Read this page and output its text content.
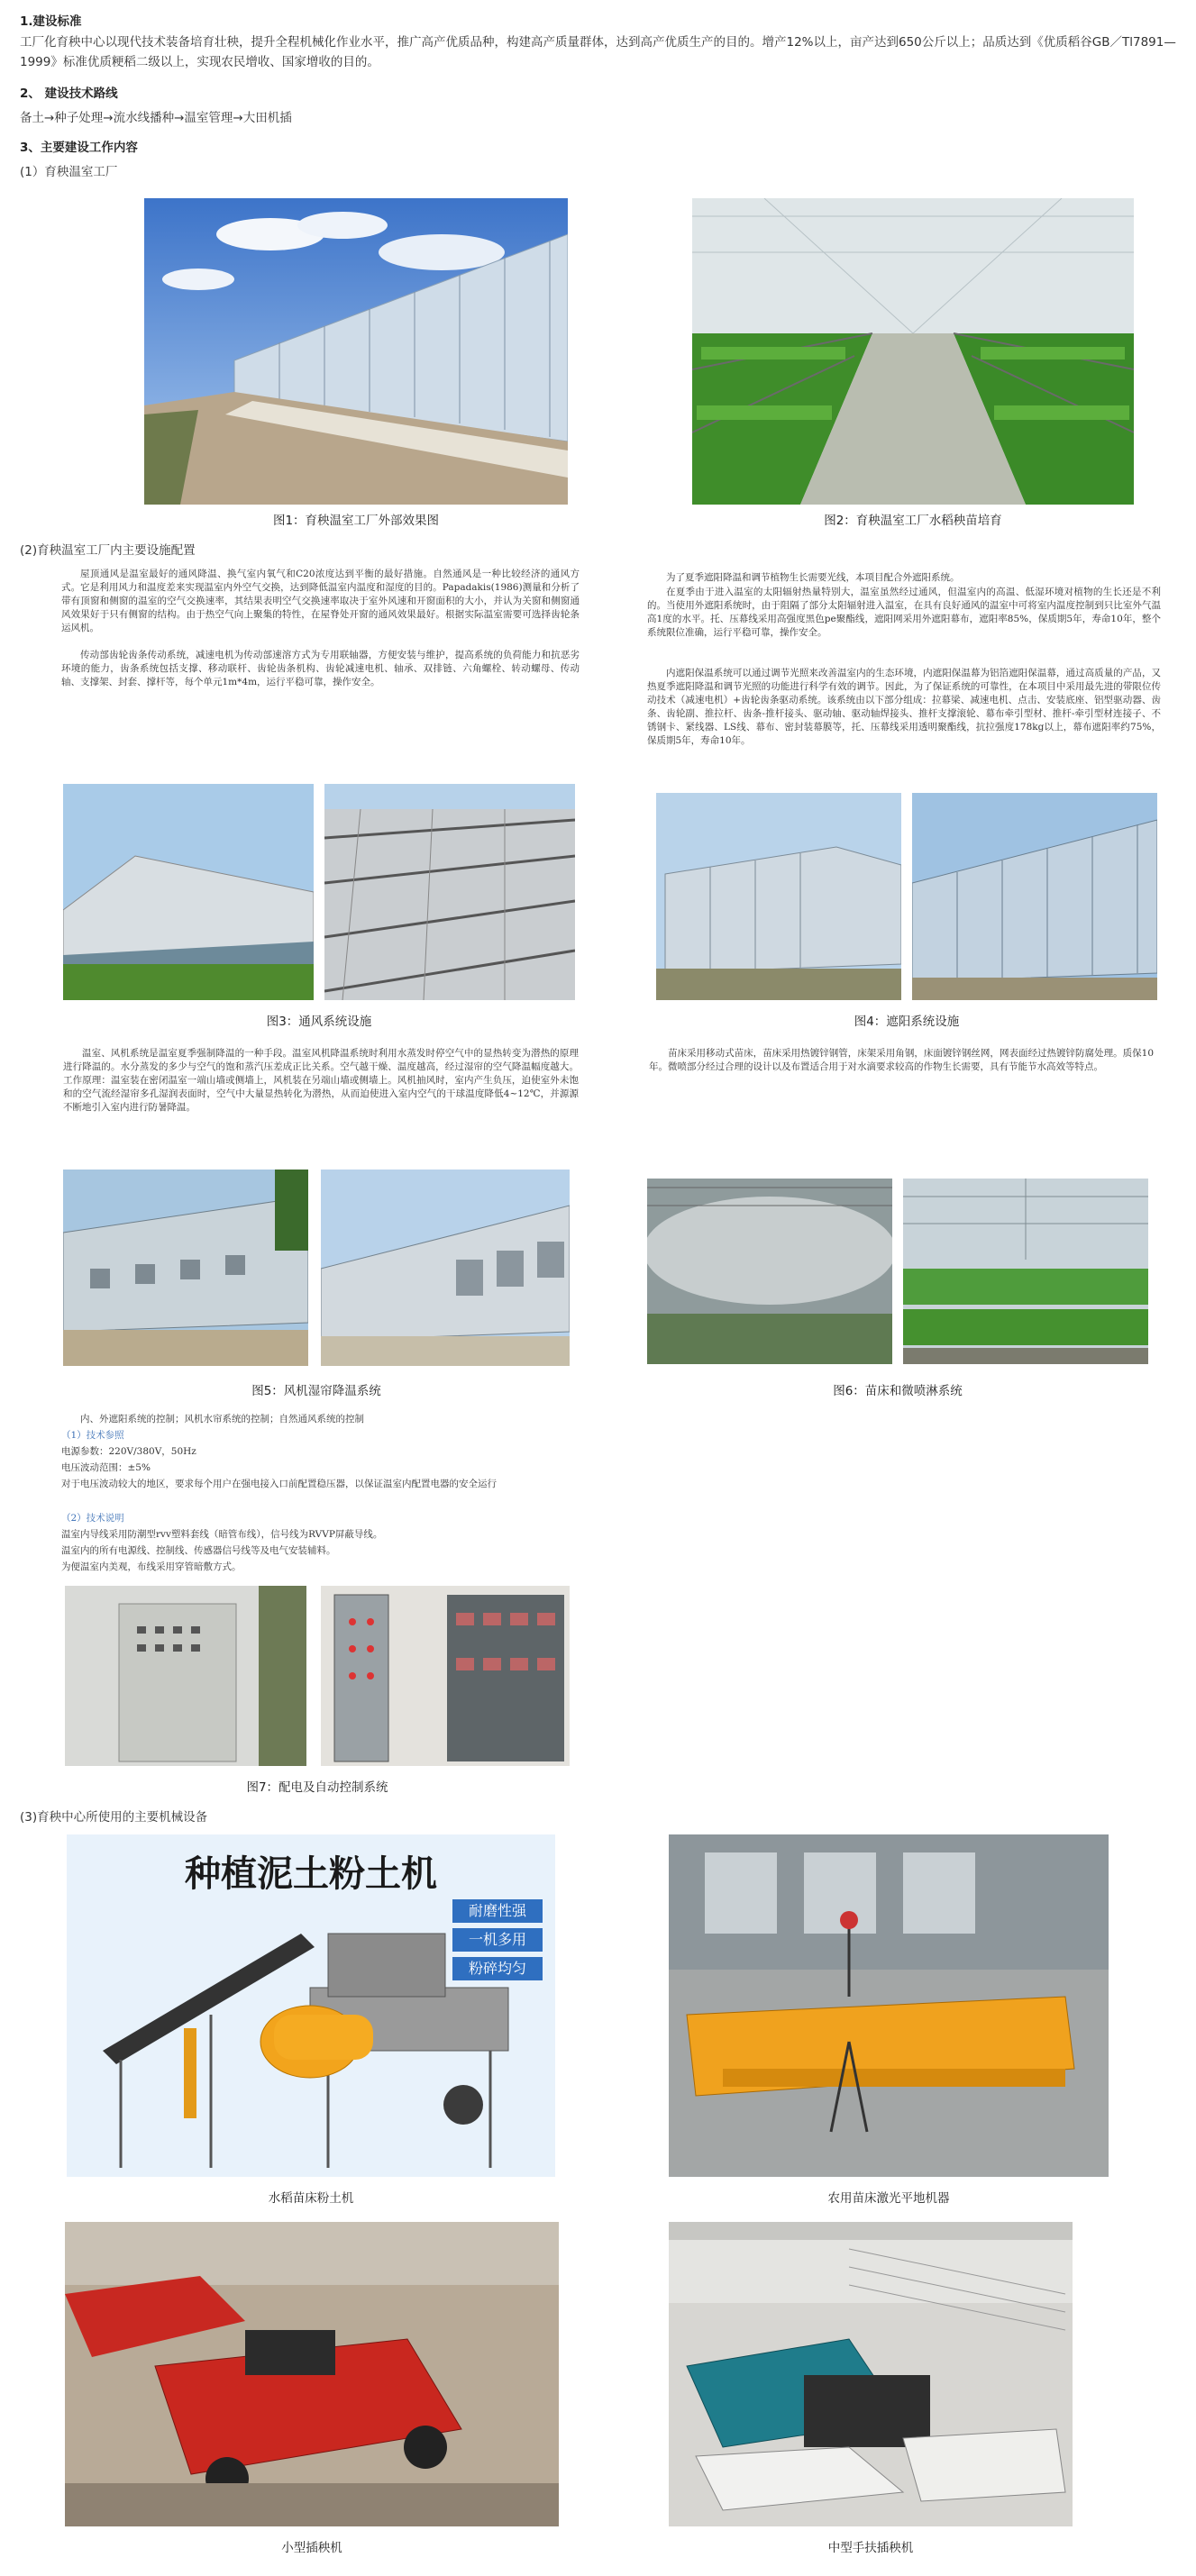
1.建设标准
工厂化育秧中心以现代技术装备培育壮秧，提升全程机械化作业水平，推广高产优质品种，构建高产质量群体，达到高产优质生产的目的。增产12%以上，亩产达到650公斤以上；品质达到《优质稻谷GB／Tl7891—1999》标准优质粳稻二级以上，实现农民增收、国家增收的目的。
2、 建设技术路线
备土→种子处理→流水线播种→温室管理→大田机插
3、主要建设工作内容
(1）育秧温室工厂
图1：育秧温室工厂外部效果图	图2：育秧温室工厂水稻秧苗培育
(2)育秧温室工厂内主要设施配置
屋顶通风是温室最好的通风降温、换气室内氧气和C20浓度达到平衡的最好措施。自然通风是一种比较经济的通风方式。它是利用风力和温度差来实现温室内外空气交换，达到降低温室内温度和湿度的目的。Papadakis(1986)测量和分析了带有顶窗和侧窗的温室的空气交换速率，其结果表明空气交换速率取决于室外风速和开窗面积的大小，并认为关窗和侧窗通风效果好于只有侧窗的结构。由于热空气向上聚集的特性，在屋脊处开窗的通风效果最好。根据实际温室需要可选择齿轮条运风机。
传动部齿轮齿条传动系统，减速电机为传动部速溶方式为专用联轴器，方便安装与维护，提高系统的负荷能力和抗恶劣环境的能力，齿条系统包括支撑、移动联杆、齿轮齿条机构、齿轮减速电机、轴承、双排链、六角螺栓、转动螺母、传动轴、支撑架、封套、撑杆等，每个单元1m*4m，运行平稳可靠，操作安全。
为了夏季遮阳降温和调节植物生长需要光线，本项目配合外遮阳系统。
在夏季由于进入温室的太阳辐射热量特别大，温室虽然经过通风，但温室内的高温、低湿环境对植物的生长还是不利的。当使用外遮阳系统时，由于阻隔了部分太阳辐射进入温室，在具有良好通风的温室中可将室内温度控制到只比室外气温高1度的水平。托、压幕线采用高强度黑色pe聚酯线，遮阳网采用外遮阳幕布，遮阳率85%，保质期5年，寿命10年，整个系统限位准确，运行平稳可靠，操作安全。
内遮阳保温系统可以通过调节光照来改善温室内的生态环境，内遮阳保温幕为铝箔遮阳保温幕，通过高质量的产品，又热夏季遮阳降温和调节光照的功能进行科学有效的调节。因此，为了保证系统的可靠性，在本项目中采用最先进的带限位传动技术（减速电机）+齿轮齿条驱动系统。该系统由以下部分组成：拉幕梁、减速电机、点击、安装底座、铝型驱动器、齿条、齿轮副、推拉杆、齿条-推杆接头、驱动轴、驱动轴焊接头、推杆支撑滚轮、幕布牵引型材、推杆-牵引型材连接子、不锈钢卡、紧线器、LS线、幕布、密封装幕膜等，托、压幕线采用透明聚酯线，抗拉强度178kg以上，幕布遮阳率约75%，保质期5年，寿命10年。
图3：通风系统设施	图4：遮阳系统设施
温室、风机系统是温室夏季强制降温的一种手段。温室风机降温系统时利用水蒸发时停空气中的显热转变为潜热的原理进行降温的。水分蒸发的多少与空气的饱和蒸汽压差成正比关系。空气越干燥、温度越高，经过湿帘的空气降温幅度越大。工作原理：温室装在密闭温室一端山墙或侧墙上，风机装在另端山墙或侧墙上。风机抽风时，室内产生负压，迫使室外未饱和的空气流经湿帘多孔湿润表面时，空气中大量显热转化为潜热，从而迫使进入室内空气的干球温度降低4~12℃，并源源不断地引入室内进行防暑降温。
苗床采用移动式苗床，苗床采用热镀锌钢管，床架采用角钢，床面镀锌钢丝网，网表面经过热镀锌防腐处理。质保10年。微喷部分经过合理的设计以及布置适合用于对水滴要求较高的作物生长需要，具有节能节水高效等特点。
图5：风机湿帘降温系统	图6：苗床和微喷淋系统
内、外遮阳系统的控制；风机水帘系统的控制；自然通风系统的控制
（1）技术参照
电源参数：220V/380V，50Hz
电压波动范围：±5%
对于电压波动较大的地区，要求每个用户在强电接入口前配置稳压器，以保证温室内配置电器的安全运行
（2）技术说明
温室内导线采用防潮型rvv塑料套线（暗管布线），信号线为RVVP屏蔽导线。
温室内的所有电源线、控制线、传感器信号线等及电气安装辅料。
为便温室内美观，布线采用穿管暗敷方式。
图7：配电及自动控制系统
(3)育秧中心所使用的主要机械设备
种植泥土粉土机
耐磨性强
一机多用
粉碎均匀
水稻苗床粉土机	农用苗床激光平地机器
小型插秧机	中型手扶插秧机
